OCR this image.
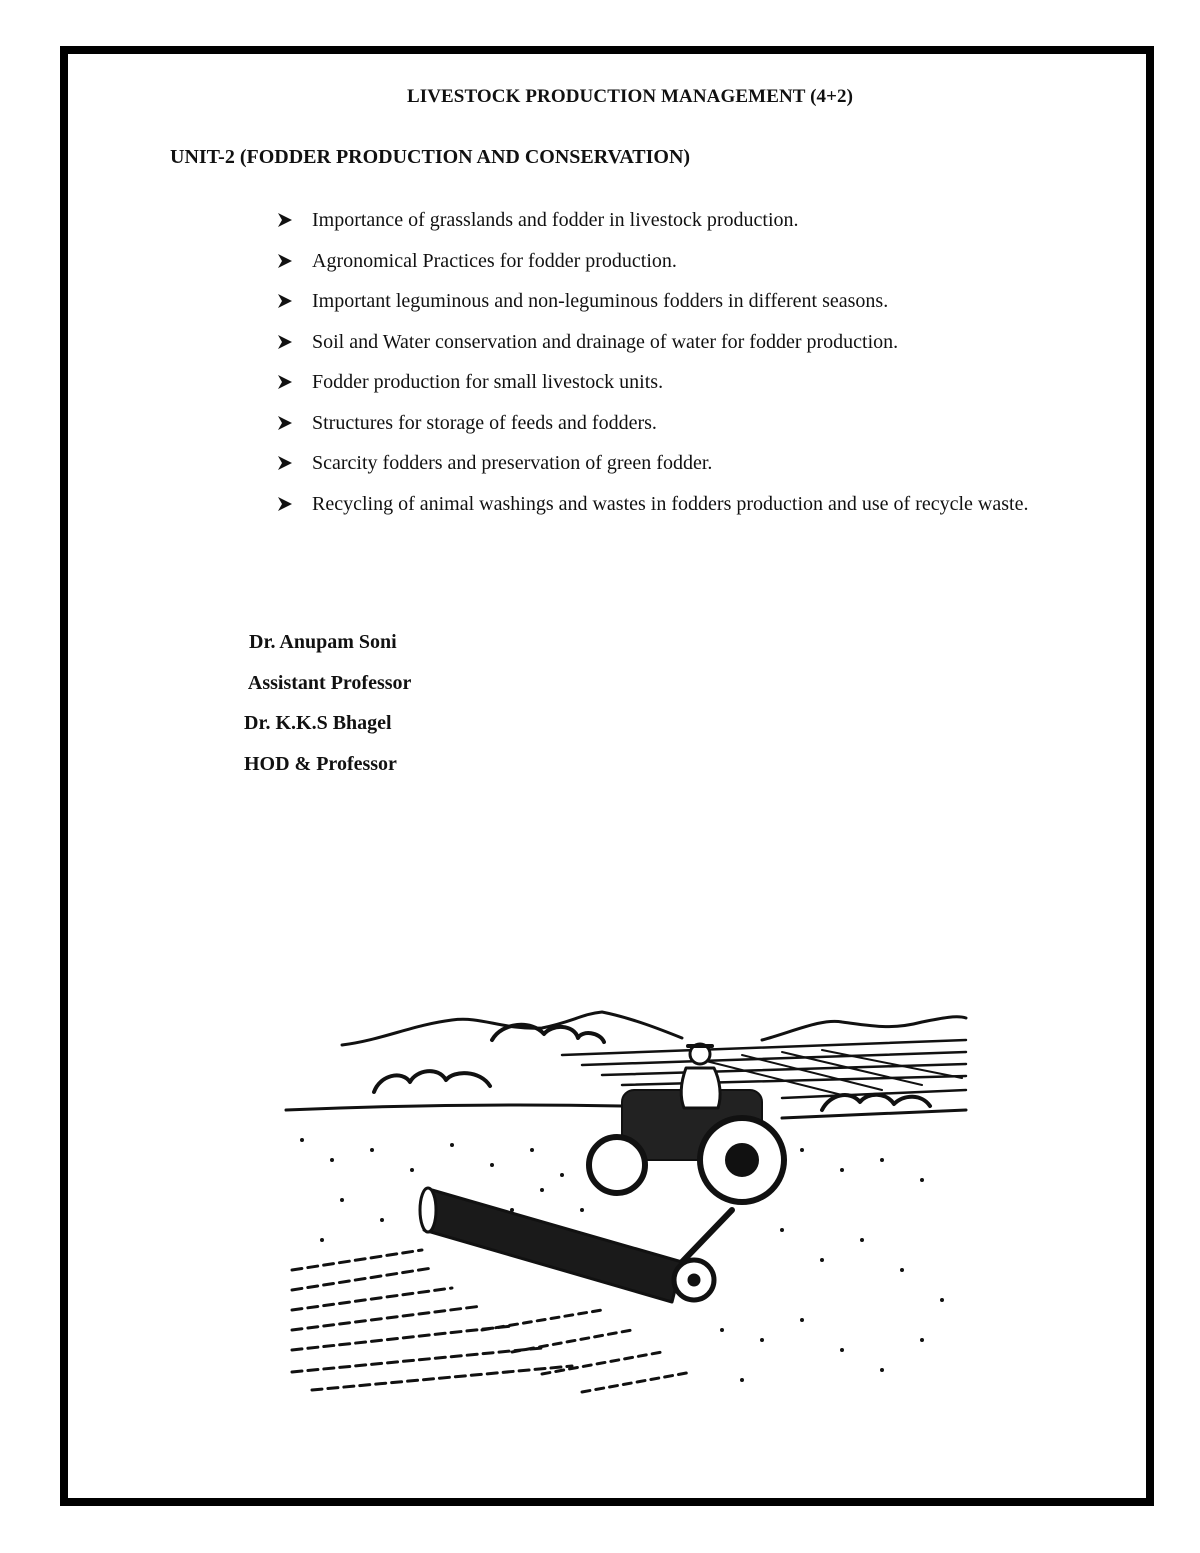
LIVESTOCK PRODUCTION MANAGEMENT (4+2)
UNIT-2 (FODDER PRODUCTION AND CONSERVATION)
Importance of grasslands and fodder in livestock production.
Agronomical Practices for fodder production.
Important leguminous and non-leguminous fodders in different seasons.
Soil and Water conservation and drainage of water for fodder production.
Fodder production for small livestock units.
Structures for storage of feeds and fodders.
Scarcity fodders and preservation of green fodder.
Recycling of animal washings and wastes in fodders production and use of recycle waste.
Dr. Anupam Soni
Assistant Professor
Dr. K.K.S Bhagel
HOD & Professor
